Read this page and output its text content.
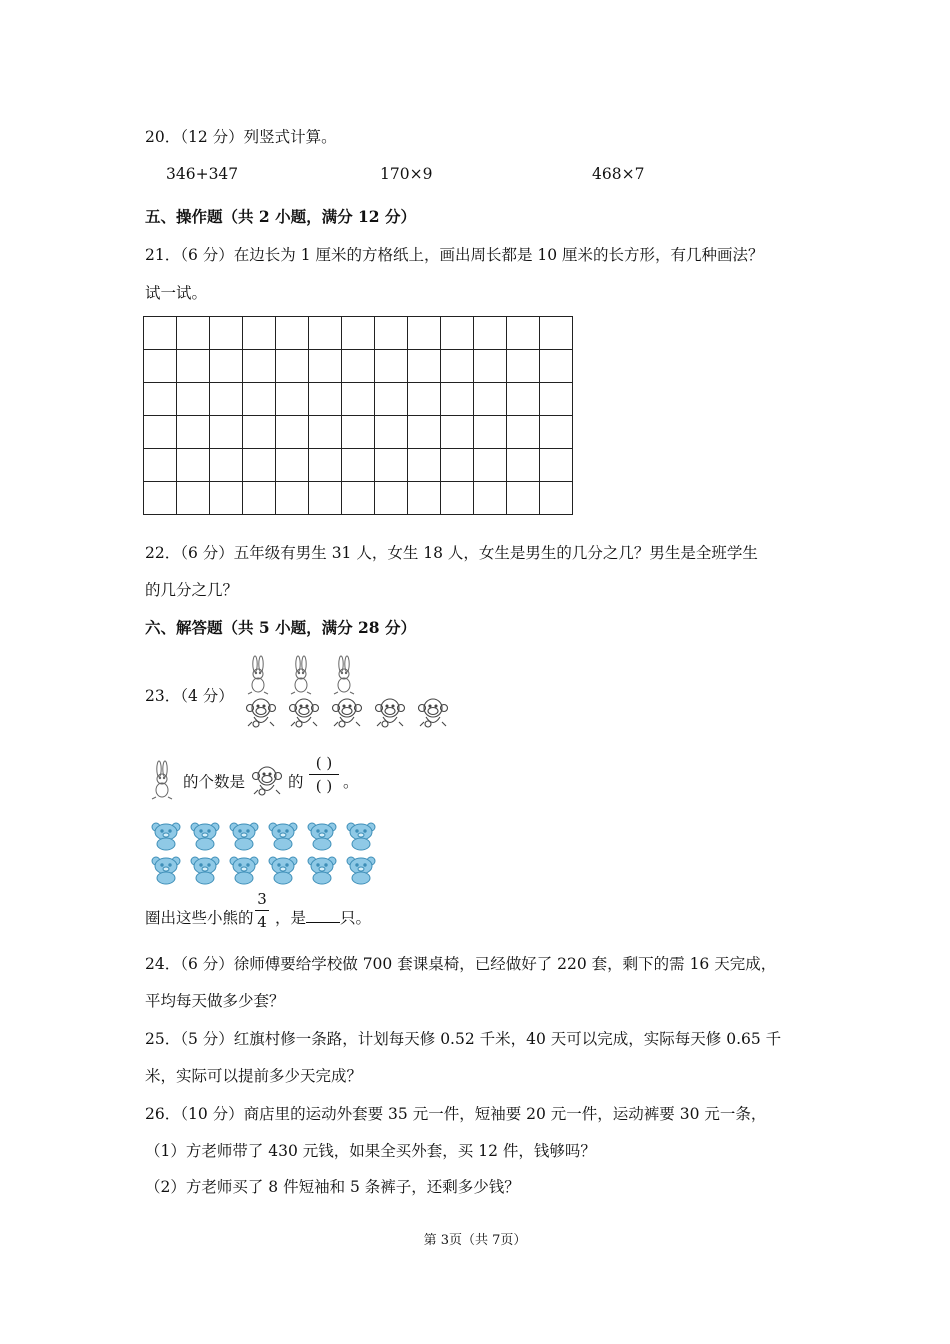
20．（12 分）列竖式计算。
346+347	170×9	468×7
五、操作题（共 2 小题，满分 12 分）
21．（6 分）在边长为 1 厘米的方格纸上，画出周长都是 10 厘米的长方形，有几种画法？
试一试。

22．（6 分）五年级有男生 31 人，女生 18 人，女生是男生的几分之几？男生是全班学生
的几分之几？
六、解答题（共 5 小题，满分 28 分）
23．（4 分）
的个数是	的
( )
( ) 。
圈出这些小熊的
3
4 ，是 只。
24．（6 分）徐师傅要给学校做 700 套课桌椅，已经做好了 220 套，剩下的需 16 天完成，
平均每天做多少套？
25．（5 分）红旗村修一条路，计划每天修 0.52 千米，40 天可以完成，实际每天修 0.65 千
米，实际可以提前多少天完成？
26．（10 分）商店里的运动外套要 35 元一件，短袖要 20 元一件，运动裤要 30 元一条，
（1）方老师带了 430 元钱，如果全买外套，买 12 件，钱够吗？
（2）方老师买了 8 件短袖和 5 条裤子，还剩多少钱？
第 3页（共 7页）
